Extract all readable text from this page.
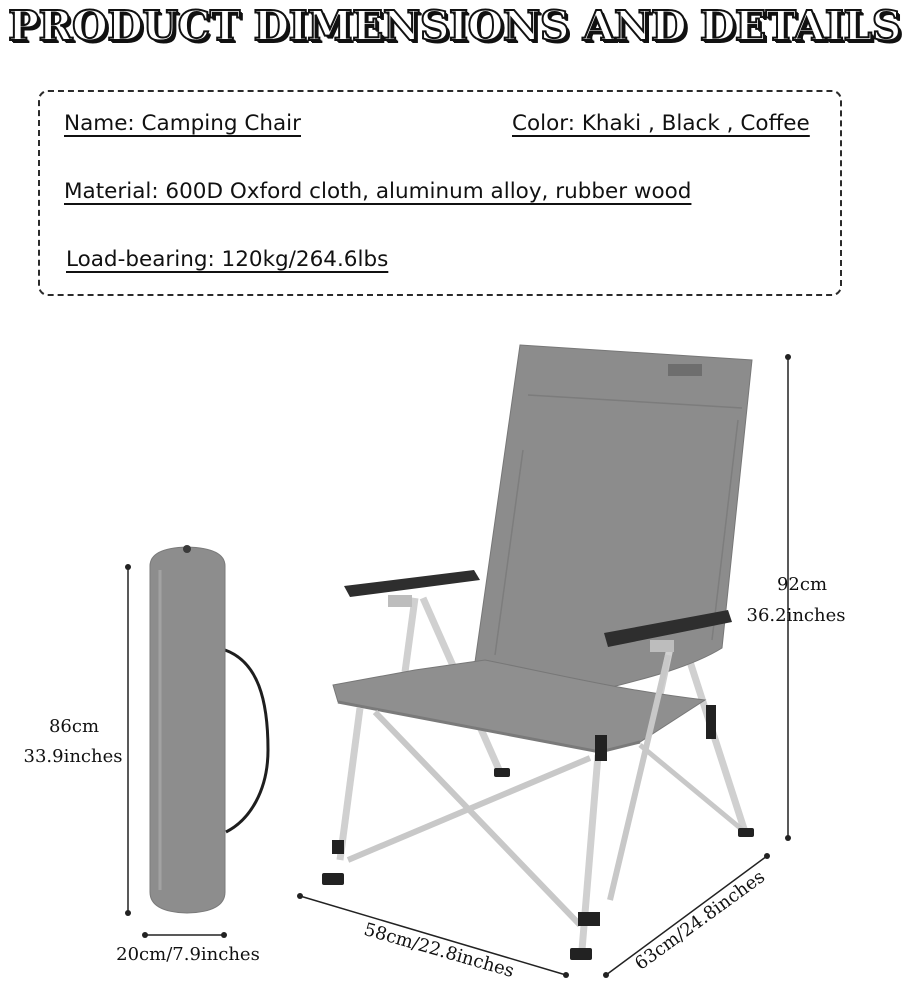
PRODUCT DIMENSIONS AND DETAILS
Name: Camping Chair	Color: Khaki , Black , Coffee
Material: 600D Oxford cloth, aluminum alloy, rubber wood
Load-bearing: 120kg/264.6lbs
86cm
33.9inches
20cm/7.9inches
92cm
36.2inches
58cm/22.8inches	63cm/24.8inches
